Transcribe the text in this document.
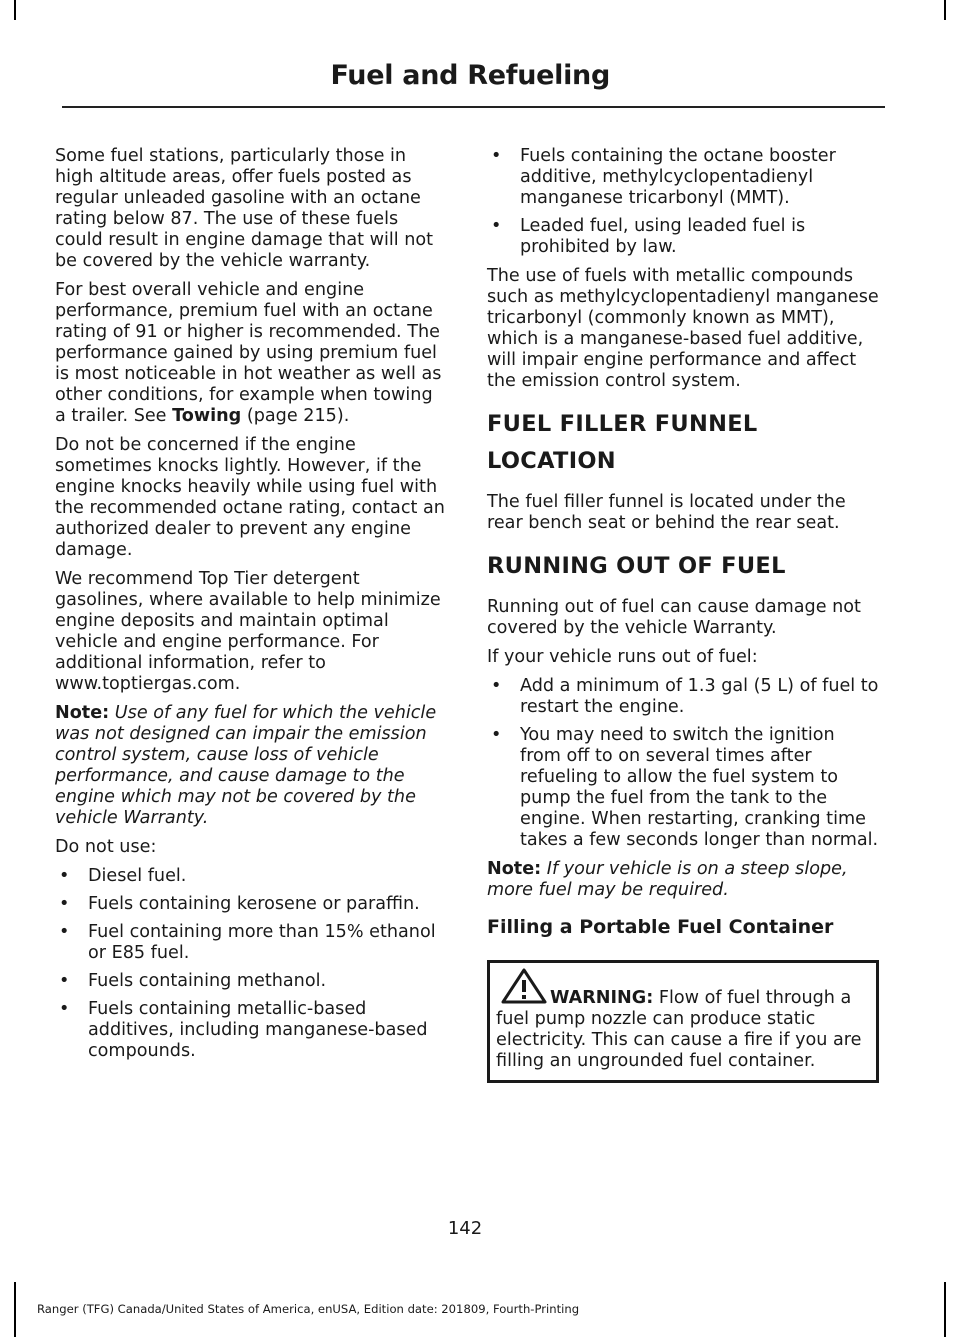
Fuel and Refueling

Some fuel stations, particularly those in high altitude areas, offer fuels posted as regular unleaded gasoline with an octane rating below 87. The use of these fuels could result in engine damage that will not be covered by the vehicle warranty.

For best overall vehicle and engine performance, premium fuel with an octane rating of 91 or higher is recommended. The performance gained by using premium fuel is most noticeable in hot weather as well as other conditions, for example when towing a trailer. See Towing (page 215).

Do not be concerned if the engine sometimes knocks lightly. However, if the engine knocks heavily while using fuel with the recommended octane rating, contact an authorized dealer to prevent any engine damage.

We recommend Top Tier detergent gasolines, where available to help minimize engine deposits and maintain optimal vehicle and engine performance. For additional information, refer to www.toptiergas.com.

Note: Use of any fuel for which the vehicle was not designed can impair the emission control system, cause loss of vehicle performance, and cause damage to the engine which may not be covered by the vehicle Warranty.

Do not use:

• Diesel fuel.
• Fuels containing kerosene or paraffin.
• Fuel containing more than 15% ethanol or E85 fuel.
• Fuels containing methanol.
• Fuels containing metallic-based additives, including manganese-based compounds.
• Fuels containing the octane booster additive, methylcyclopentadienyl manganese tricarbonyl (MMT).
• Leaded fuel, using leaded fuel is prohibited by law.

The use of fuels with metallic compounds such as methylcyclopentadienyl manganese tricarbonyl (commonly known as MMT), which is a manganese-based fuel additive, will impair engine performance and affect the emission control system.

FUEL FILLER FUNNEL
LOCATION

The fuel filler funnel is located under the rear bench seat or behind the rear seat.

RUNNING OUT OF FUEL

Running out of fuel can cause damage not covered by the vehicle Warranty.

If your vehicle runs out of fuel:

• Add a minimum of 1.3 gal (5 L) of fuel to restart the engine.
• You may need to switch the ignition from off to on several times after refueling to allow the fuel system to pump the fuel from the tank to the engine. When restarting, cranking time takes a few seconds longer than normal.

Note: If your vehicle is on a steep slope, more fuel may be required.

Filling a Portable Fuel Container

WARNING: Flow of fuel through a fuel pump nozzle can produce static electricity. This can cause a fire if you are filling an ungrounded fuel container.

142
Ranger (TFG) Canada/United States of America, enUSA, Edition date: 201809, Fourth-Printing
